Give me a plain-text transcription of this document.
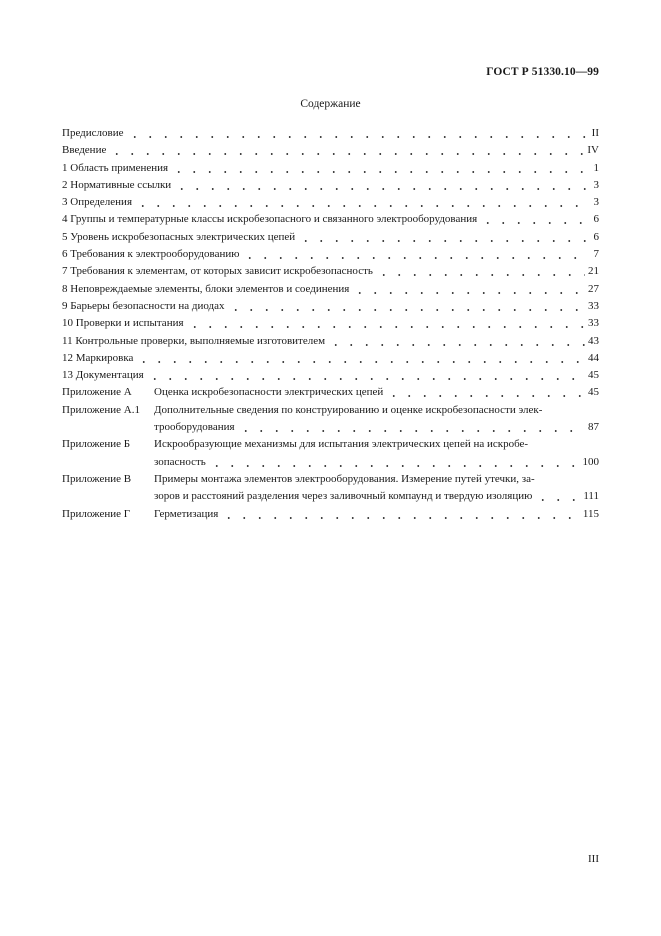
ГОСТ Р 51330.10—99
Содержание
Предисловие	II
Введение	IV
1 Область применения	1
2 Нормативные ссылки	3
3 Определения	3
4 Группы и температурные классы искробезопасного и связанного электрооборудования	6
5 Уровень искробезопасных электрических цепей	6
6 Требования к электрооборудованию	7
7 Требования к элементам, от которых зависит искробезопасность	21
8 Неповреждаемые элементы, блоки элементов и соединения	27
9 Барьеры безопасности на диодах	33
10 Проверки и испытания	33
11 Контрольные проверки, выполняемые изготовителем	43
12 Маркировка	44
13 Документация	45
Приложение А	Оценка искробезопасности электрических цепей	45
Приложение А.1	Дополнительные сведения по конструированию и оценке искробезопасности элек-
трооборудования	87
Приложение Б	Искрообразующие механизмы для испытания электрических цепей на искробе-
зопасность	100
Приложение В	Примеры монтажа элементов электрооборудования. Измерение путей утечки, за-
зоров и расстояний разделения через заливочный компаунд и твердую изоляцию	111
Приложение Г	Герметизация	115
III
